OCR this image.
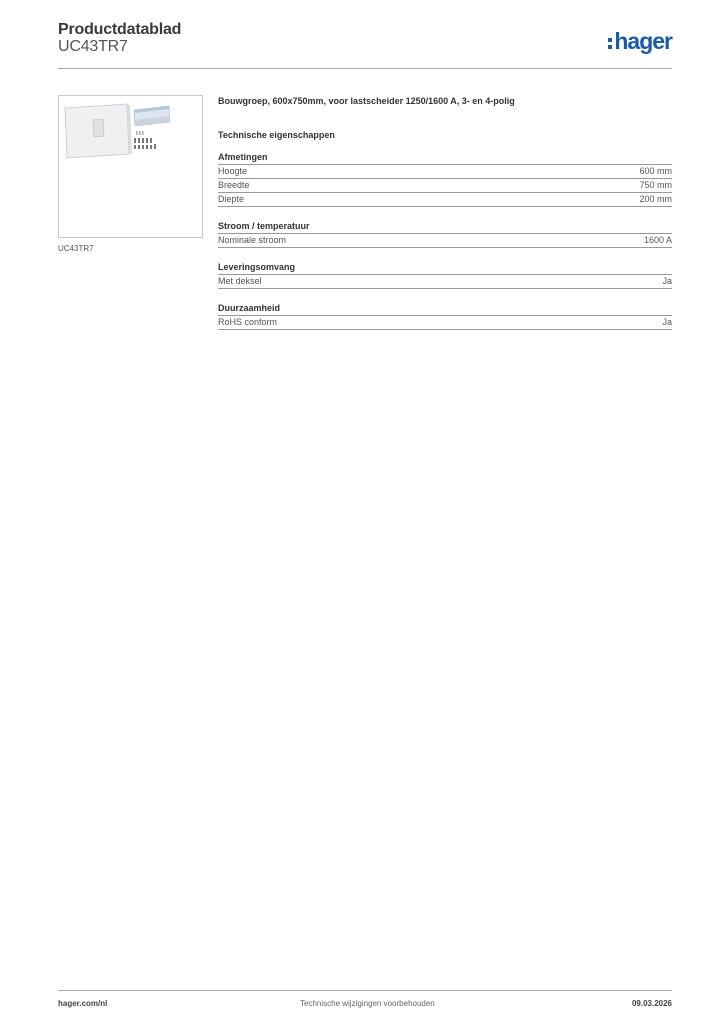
Productdatablad
UC43TR7	hager
UC43TR7
Bouwgroep, 600x750mm, voor lastscheider 1250/1600 A, 3- en 4-polig
Technische eigenschappen
Afmetingen
Hoogte	600 mm
Breedte	750 mm
Diepte	200 mm
Stroom / temperatuur
Nominale stroom	1600 A
Leveringsomvang
Met deksel	Ja
Duurzaamheid
RoHS conform	Ja
hager.com/nl	Technische wijzigingen voorbehouden	09.03.2026
